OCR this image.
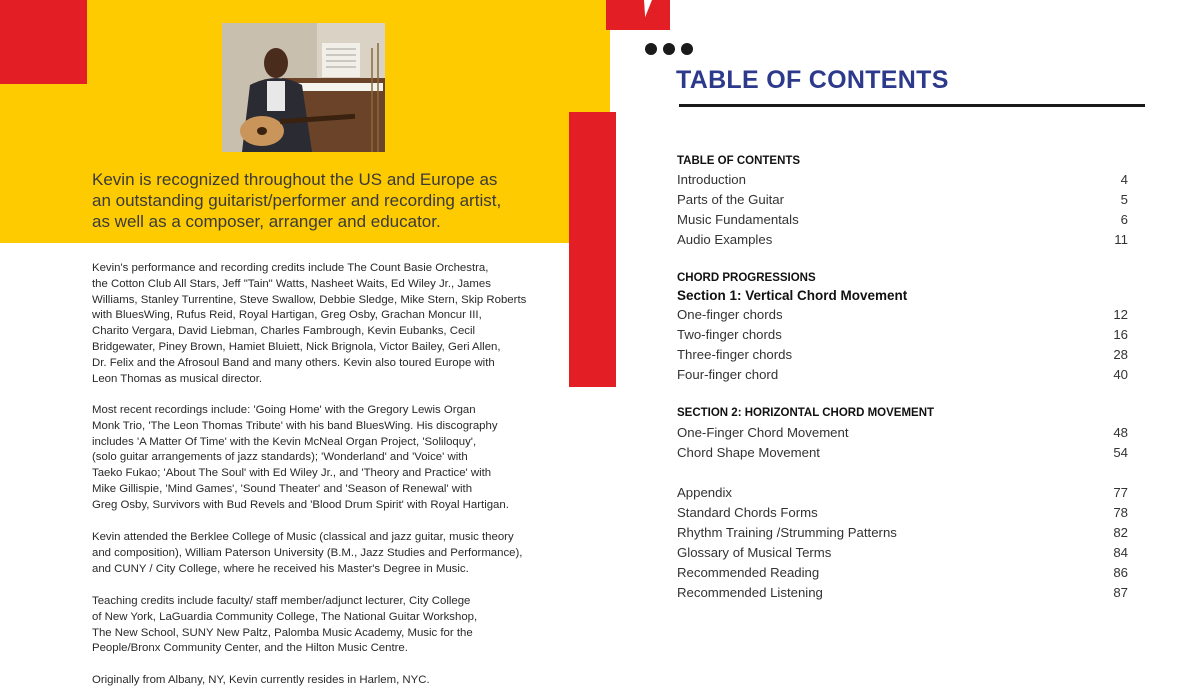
Kevin is recognized throughout the US and Europe as
an outstanding guitarist/performer and recording artist,
as well as a composer, arranger and educator.
Kevin's performance and recording credits include The Count Basie Orchestra,
the Cotton Club All Stars, Jeff "Tain" Watts, Nasheet Waits, Ed Wiley Jr., James
Williams, Stanley Turrentine, Steve Swallow, Debbie Sledge, Mike Stern, Skip Roberts
with BluesWing, Rufus Reid, Royal Hartigan, Greg Osby, Grachan Moncur III,
Charito Vergara, David Liebman, Charles Fambrough, Kevin Eubanks, Cecil
Bridgewater, Piney Brown, Hamiet Bluiett, Nick Brignola, Victor Bailey, Geri Allen,
Dr. Felix and the Afrosoul Band and many others. Kevin also toured Europe with
Leon Thomas as musical director.
Most recent recordings include: 'Going Home' with the Gregory Lewis Organ
Monk Trio, 'The Leon Thomas Tribute' with his band BluesWing. His discography
includes 'A Matter Of Time' with the Kevin McNeal Organ Project, 'Soliloquy',
(solo guitar arrangements of jazz standards); 'Wonderland' and 'Voice' with
Taeko Fukao; 'About The Soul' with Ed Wiley Jr., and 'Theory and Practice' with
Mike Gillispie, 'Mind Games', 'Sound Theater' and 'Season of Renewal' with
Greg Osby, Survivors with Bud Revels and 'Blood Drum Spirit' with Royal Hartigan.
Kevin attended the Berklee College of Music (classical and jazz guitar, music theory
and composition), William Paterson University (B.M., Jazz Studies and Performance),
and CUNY / City College, where he received his Master's Degree in Music.
Teaching credits include faculty/ staff member/adjunct lecturer, City College
of New York, LaGuardia Community College, The National Guitar Workshop,
The New School, SUNY New Paltz, Palomba Music Academy, Music for the
People/Bronx Community Center, and the Hilton Music Centre.
Originally from Albany, NY, Kevin currently resides in Harlem, NYC.
TABLE OF CONTENTS
TABLE OF CONTENTS
Introduction	4
Parts of the Guitar	5
Music Fundamentals	6
Audio Examples	11
CHORD PROGRESSIONS
Section 1: Vertical Chord Movement
One-finger chords	12
Two-finger chords	16
Three-finger chords	28
Four-finger chord	40
SECTION 2: HORIZONTAL CHORD MOVEMENT
One-Finger Chord Movement	48
Chord Shape Movement	54
Appendix	77
Standard Chords Forms	78
Rhythm Training /Strumming Patterns	82
Glossary of Musical Terms	84
Recommended Reading	86
Recommended Listening	87
